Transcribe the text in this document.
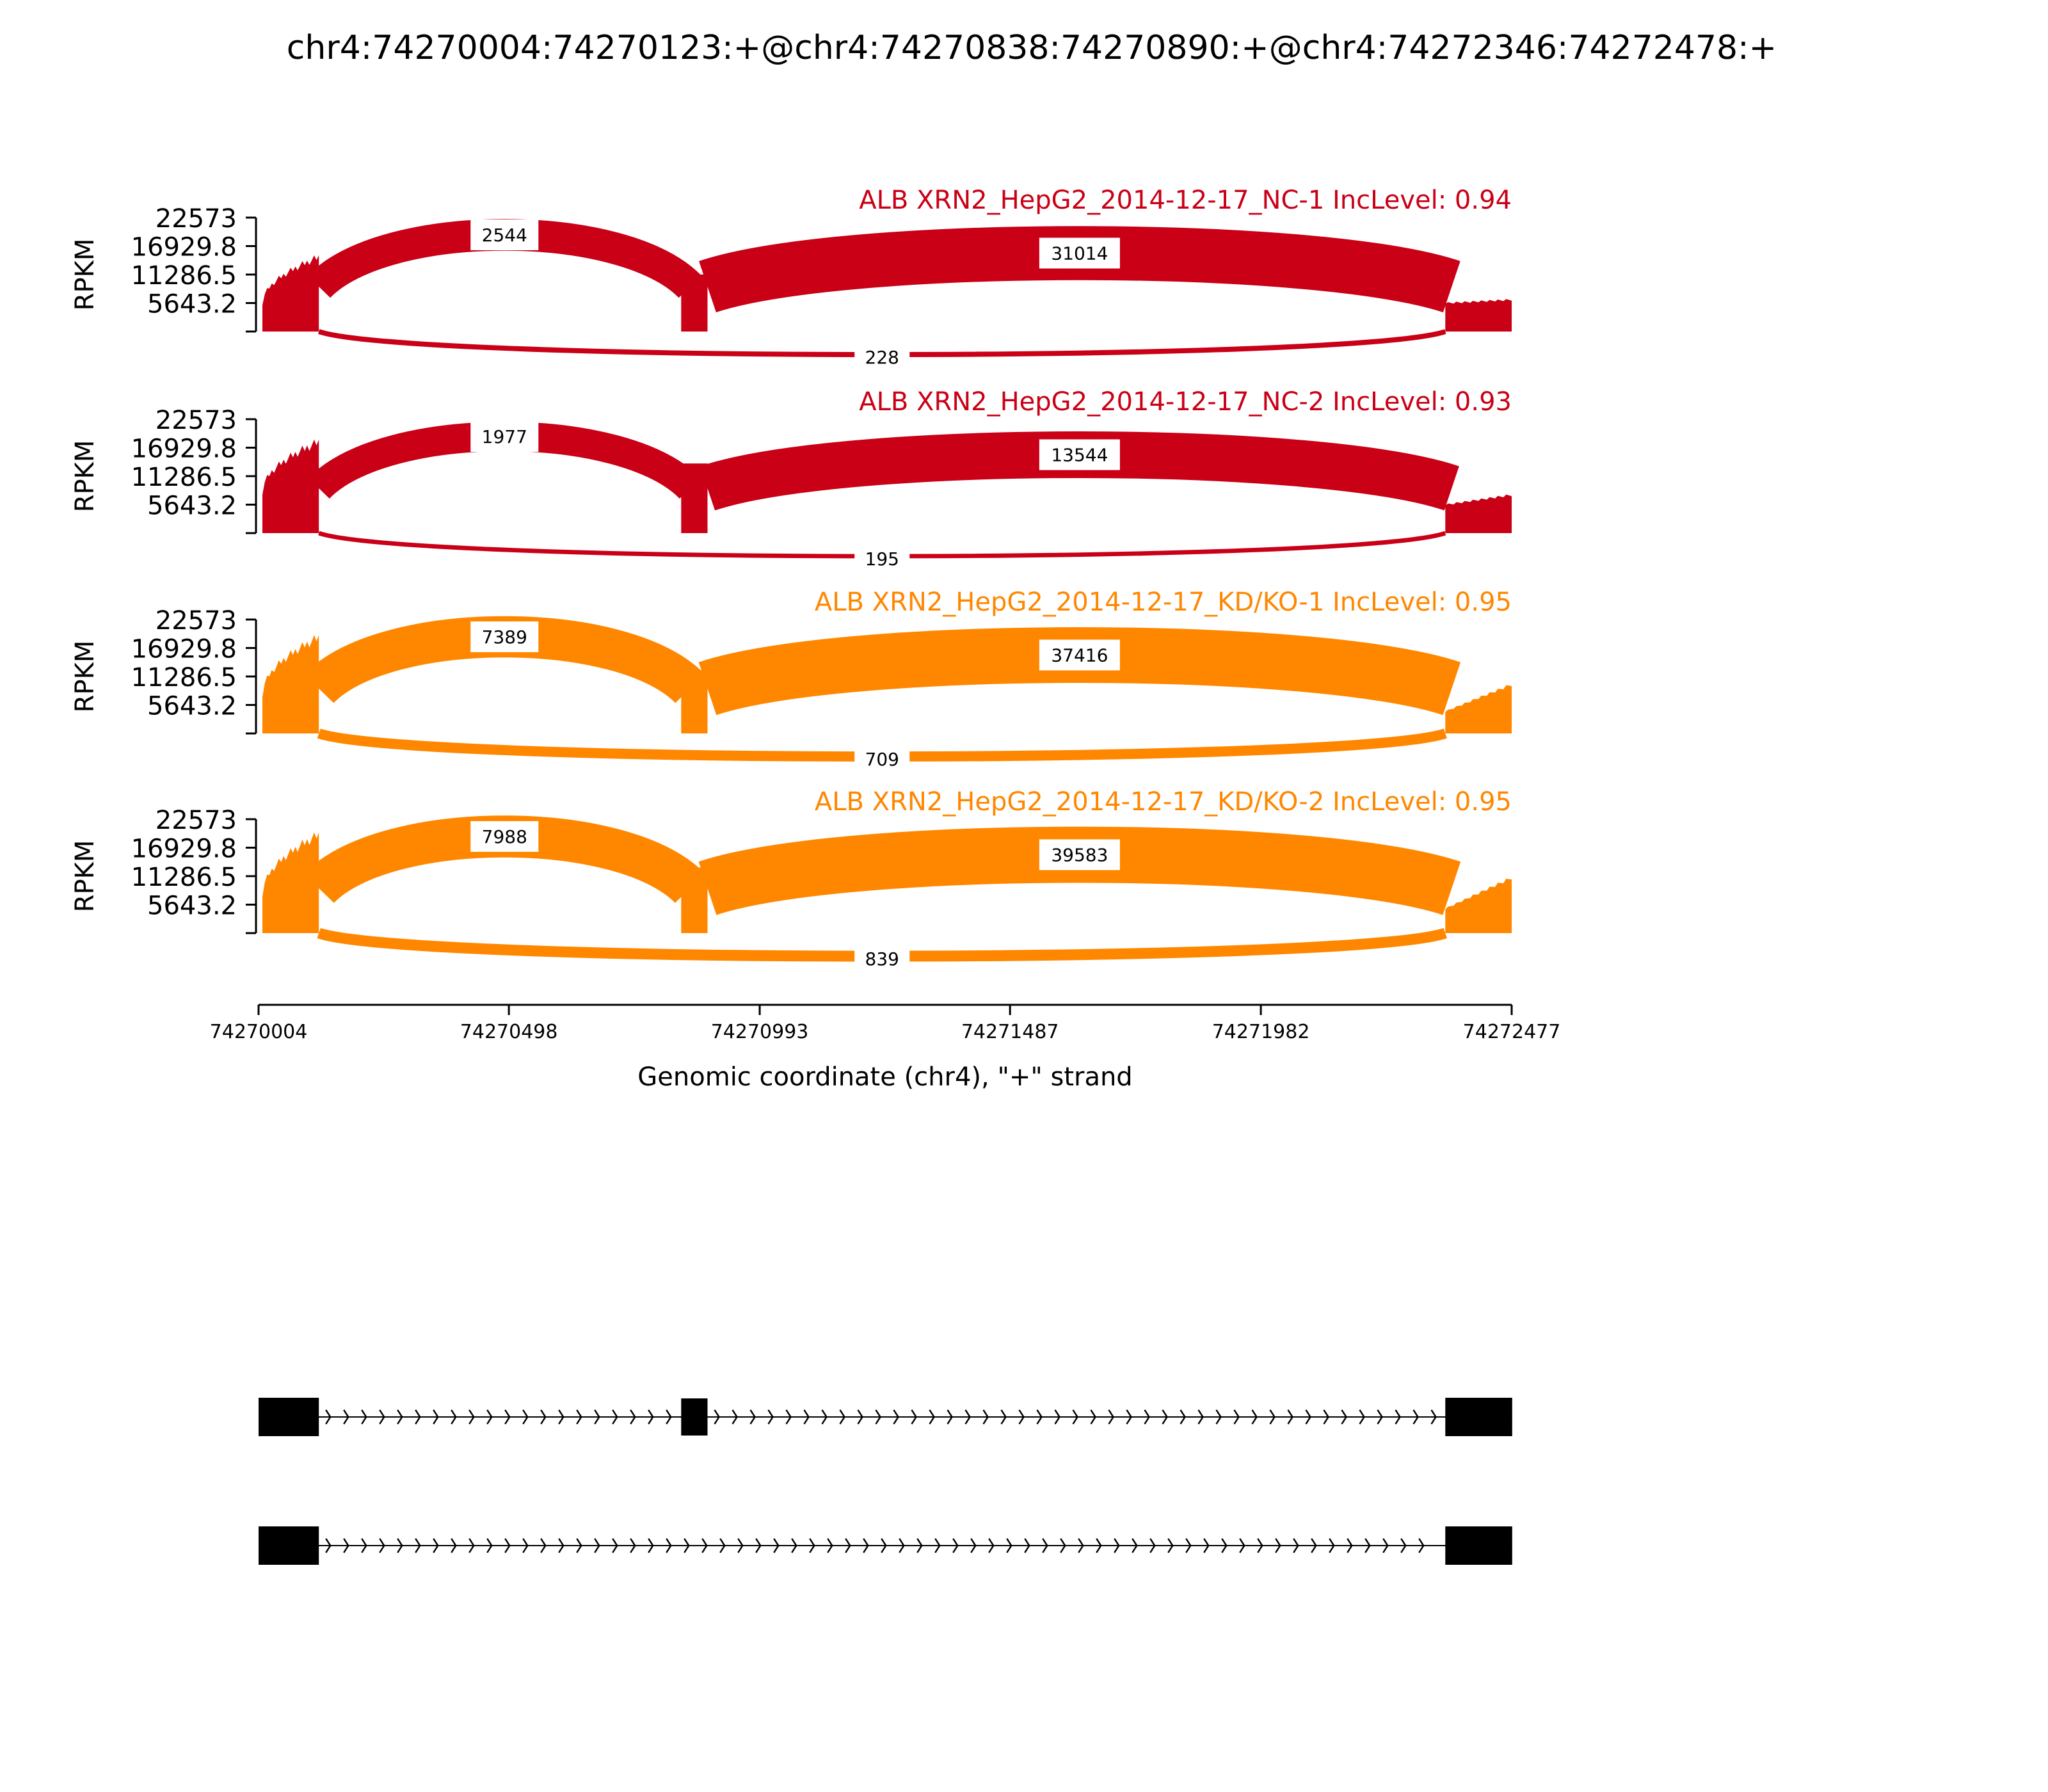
chr4:74270004:74270123:+@chr4:74270838:74270890:+@chr4:74272346:74272478:+
22573
16929.8
11286.5
5643.2
RPKM
2544
31014
228
ALB XRN2_HepG2_2014-12-17_NC-1 IncLevel: 0.94
22573
16929.8
11286.5
5643.2
RPKM
1977
13544
195
ALB XRN2_HepG2_2014-12-17_NC-2 IncLevel: 0.93
22573
16929.8
11286.5
5643.2
RPKM
7389
37416
709
ALB XRN2_HepG2_2014-12-17_KD/KO-1 IncLevel: 0.95
22573
16929.8
11286.5
5643.2
RPKM
7988
39583
839
ALB XRN2_HepG2_2014-12-17_KD/KO-2 IncLevel: 0.95
74270004	74270498	74270993	74271487	74271982	74272477
Genomic coordinate (chr4), "+" strand
